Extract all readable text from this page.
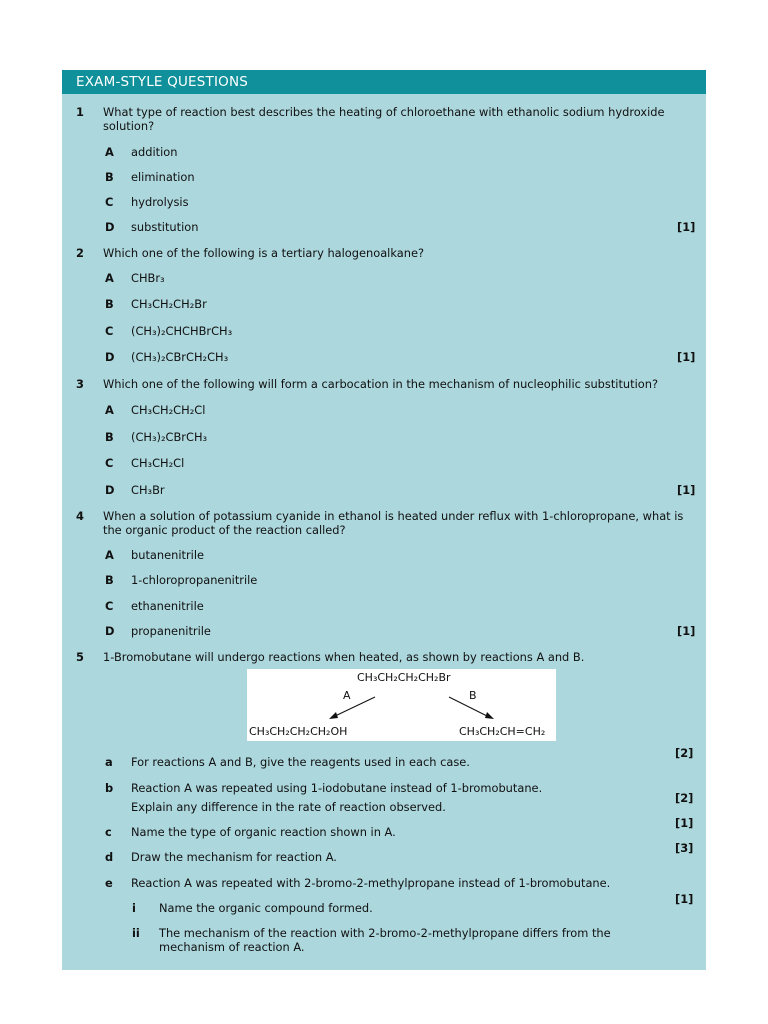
EXAM-STYLE QUESTIONS
1 What type of reaction best describes the heating of chloroethane with ethanolic sodium hydroxide solution?
A addition
B elimination
C hydrolysis
D substitution	[1]
2 Which one of the following is a tertiary halogenoalkane?
A CHBr₃
B CH₃CH₂CH₂Br
C (CH₃)₂CHCHBrCH₃
D (CH₃)₂CBrCH₂CH₃	[1]
3 Which one of the following will form a carbocation in the mechanism of nucleophilic substitution?
A CH₃CH₂CH₂Cl
B (CH₃)₂CBrCH₃
C CH₃CH₂Cl
D CH₃Br	[1]
4 When a solution of potassium cyanide in ethanol is heated under reflux with 1-chloropropane, what is the organic product of the reaction called?
A butanenitrile
B 1-chloropropanenitrile
C ethanenitrile
D propanenitrile	[1]
5 1-Bromobutane will undergo reactions when heated, as shown by reactions A and B.
CH₃CH₂CH₂CH₂Br
A	B
CH₃CH₂CH₂CH₂OH	CH₃CH₂CH=CH₂
a For reactions A and B, give the reagents used in each case.
[2]
b Reaction A was repeated using 1-iodobutane instead of 1-bromobutane.
Explain any difference in the rate of reaction observed.
[2]
c Name the type of organic reaction shown in A.
[1]
d Draw the mechanism for reaction A.
[3]
e Reaction A was repeated with 2-bromo-2-methylpropane instead of 1-bromobutane.
i Name the organic compound formed.
[1]
ii The mechanism of the reaction with 2-bromo-2-methylpropane differs from the mechanism of reaction A.
